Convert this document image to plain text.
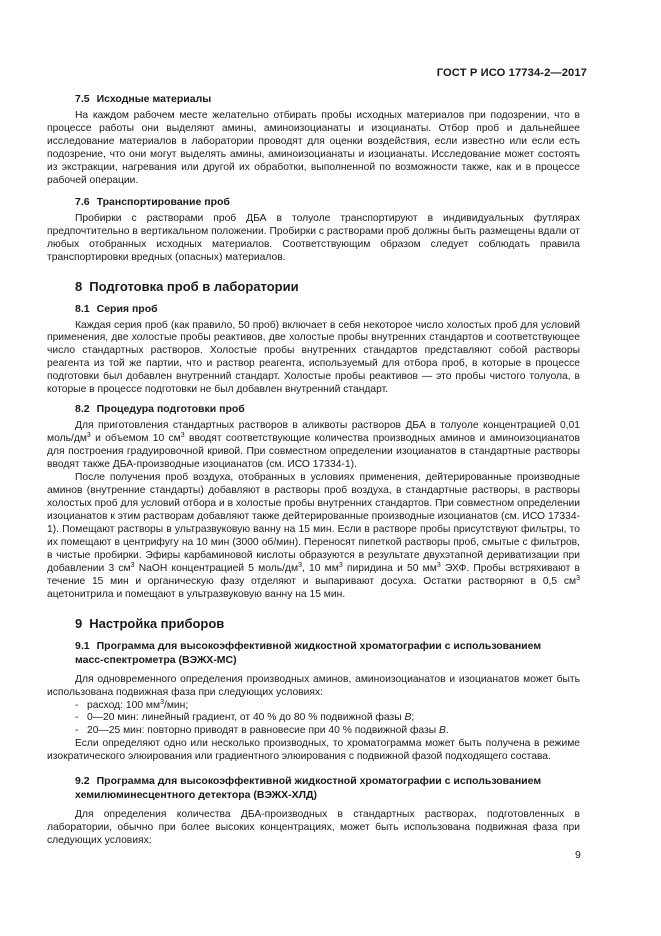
ГОСТ Р ИСО 17734-2—2017
7.5 Исходные материалы

На каждом рабочем месте желательно отбирать пробы исходных материалов при подозрении, что в процессе работы они выделяют амины, аминоизоцианаты и изоцианаты. Отбор проб и дальнейшее исследование материалов в лаборатории проводят для оценки воздействия, если известно или если есть подозрение, что они могут выделять амины, аминоизоцианаты и изоцианаты. Исследование может состоять из экстракции, нагревания или другой их обработки, выполненной по возможности также, как и в процессе рабочей операции.

7.6 Транспортирование проб

Пробирки с растворами проб ДБА в толуоле транспортируют в индивидуальных футлярах предпочтительно в вертикальном положении. Пробирки с растворами проб должны быть размещены вдали от любых отобранных исходных материалов. Соответствующим образом следует соблюдать правила транспортировки вредных (опасных) материалов.

8 Подготовка проб в лаборатории
8.1 Серия проб

Каждая серия проб (как правило, 50 проб) включает в себя некоторое число холостых проб для условий применения, две холостые пробы реактивов, две холостые пробы внутренних стандартов и соответствующее число стандартных растворов. Холостые пробы внутренних стандартов представляют собой растворы реагента из той же партии, что и раствор реагента, используемый для отбора проб, в которые в процессе подготовки был добавлен внутренний стандарт. Холостые пробы реактивов — это пробы чистого толуола, в которые в процессе подготовки не был добавлен внутренний стандарт.

8.2 Процедура подготовки проб

Для приготовления стандартных растворов в аликвоты растворов ДБА в толуоле концентрацией 0,01 моль/$дм^3$ и объемом 10 $см^3$ вводят соответствующие количества производных аминов и аминоизоцианатов для построения градуировочной кривой. При совместном определении изоцианатов в стандартные растворы вводят также ДБА-производные изоцианатов (см. ИСО 17334-1).

После получения проб воздуха, отобранных в условиях применения, дейтерированные производные аминов (внутренние стандарты) добавляют в растворы проб воздуха, в стандартные растворы, в растворы холостых проб для условий отбора и в холостые пробы внутренних стандартов. При совместном определении изоцианатов к этим растворам добавляют также дейтерированные производные изоцианатов (см. ИСО 17334-1). Помещают растворы в ультразвуковую ванну на 15 мин. Если в растворе пробы присутствуют фильтры, то их помещают в центрифугу на 10 мин (3000 об/мин). Переносят пипеткой растворы проб, смытые с фильтров, в чистые пробирки. Эфиры карбаминовой кислоты образуются в результате двухэтапной дериватизации при добавлении 3 $см^3$ NaOH концентрацией 5 моль/$дм^3$, 10 $мм^3$ пиридина и 50 $мм^3$ ЭХФ. Пробы встряхивают в течение 15 мин и органическую фазу отделяют и выпаривают досуха. Остатки растворяют в 0,5 $см^3$ ацетонитрила и помещают в ультразвуковую ванну на 15 мин.

9 Настройка приборов
9.1 Программа для высокоэффективной жидкостной хроматографии с использованием
масс-спектрометра (ВЭЖХ-МС)

Для одновременного определения производных аминов, аминоизоцианатов и изоцианатов может быть использована подвижная фаза при следующих условиях:

- расход: 100 $мм^3$/мин;
- 0—20 мин: линейный градиент, от 40 % до 80 % подвижной фазы B;
- 20—25 мин: повторно приводят в равновесие при 40 % подвижной фазы B.

Если определяют одно или несколько производных, то хроматограмма может быть получена в режиме изократического элюирования или градиентного элюирования с подвижной фазой подходящего состава.

9.2 Программа для высокоэффективной жидкостной хроматографии с использованием
хемилюминесцентного детектора (ВЭЖХ-ХЛД)

Для определения количества ДБА-производных в стандартных растворах, подготовленных в лаборатории, обычно при более высоких концентрациях, может быть использована подвижная фаза при следующих условиях:

9
